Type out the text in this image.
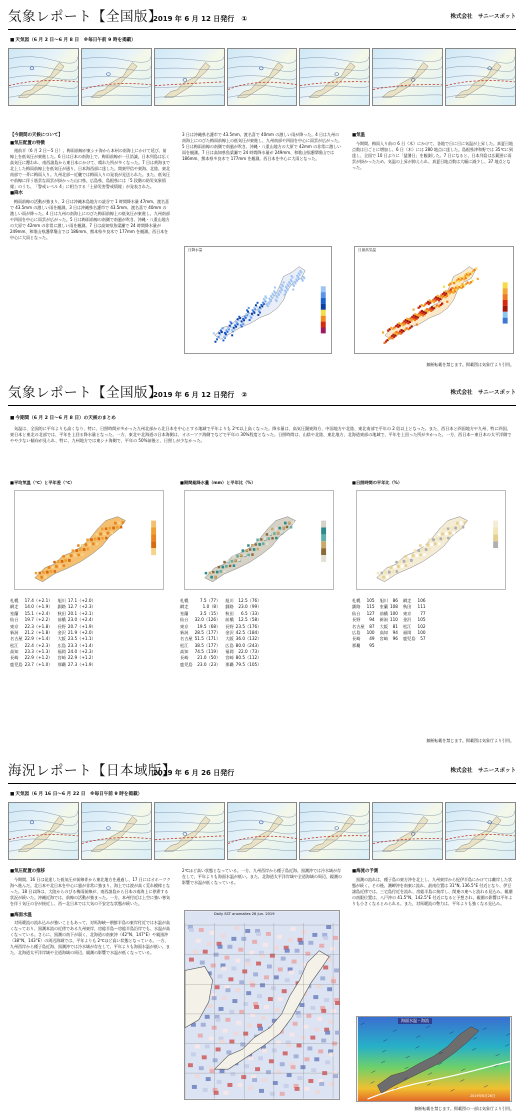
気象レポート【全国版】
2019 年 6 月 12 日発行　①	株式会社　サニースポット
■ 天気図（6 月 2 日～6 月 8 日　※毎日午前 9 時を掲載）
【今期間の天候について】
■気圧配置の特徴

週前半（6 月 2 日～5 日）、梅雨前線が東シナ海から本州の南海上にかけて延び、前線上を低気圧が東進した。6 日は日本の南海上で、梅雨前線が一旦消滅、日本列島は広く高気圧に覆われ、南西諸島から東日本にかけて、晴れた所が多くなった。7 日は黄海まで北上した梅雨前線上を低気圧が通り、日本海西部に達した。関東甲信や東海、北陸、東北南部で一斉に梅雨入り。九州北部～近畿では梅雨入りの発表が見送られた。また、低気圧や前線に伴う筋雲な雨雲が掛かった山口県、広島県、島根県には「5 段階の防災気象情報」のうち、「警戒レベル 4」に相当する「土砂災害警戒情報」が発表された。

■降水

梅雨前線の活動が強まり、2 日は沖縄本島地方の読谷で 1 時間降水量 47mm、渡名喜で 43.5mm の激しい雨を観測。3 日は沖縄県名護市で 43.5mm、渡名喜で 40mm の激しい雨が降った。4 日は九州の南海上にのびた梅雨前線上の低気圧が東進し、九州南部や四国を中心に雨雲が広がった。5 日は梅雨前線の南側で南風が吹き、沖縄・八重山地方の大原で 42mm の非常に激しい雨を観測。7 日は高知県魚梁瀬で 24 時間降水量が 249mm、和歌山県護摩壇山では 186mm、熊本県多良木で 177mm を観測。西日本を中心に大雨となった。

3 日は沖縄県名護市で 43.5mm、渡名喜で 40mm の激しい雨が降った。4 日は九州の南海上にのびた梅雨前線上の低気圧が東進し、九州南部や四国を中心に雨雲が広がった。5 日は梅雨前線の南側で南風が吹き、沖縄・八重山地方の大原で 42mm の非常に激しい雨を観測。7 日は高知県魚梁瀬で 24 時間降水量が 249mm、和歌山県護摩壇山では 186mm、熊本県多良木で 177mm を観測。西日本を中心に大雨となった。

日降水量
■気温

今期間、梅雨入り前の 6 日（木）にかけて、各地で日に日に気温が上昇した。真夏日地点数は日ごとに増加し、6 日（木）には 280 地点に達した。島根県津和野では 35℃に到達し、全国で 10 日ぶりに「猛暑日」を観測した。7 日になると、日本列島は広範囲に雨雲が掛かったため、気温の上昇が抑えられ、真夏日地点数は大幅に減少し、37 地点となった。

日最高気温
無断転載を禁じます。掲載図は気象庁より引用。
気象レポート【全国版】
2019 年 6 月 12 日発行　②	株式会社　サニースポット
■ 今期間（6 月 2 日～6 月 8 日）の天候のまとめ

気温は、全国的に平年よりも高くなり、特に、日照時間が多かった九州北部から北日本を中心とする地域で平年よりも 2℃以上高くなった。降水量は、高気圧圏東海方、中国地方や北陸、東北南部で平年の 2 倍以上となった。また、西日本と四国地方や九州、特に四国、東日本と東北の北部では、平年を上回る降水量となった。一方、東北や北海道の日本海側は、オホーツク海側でなどで平年の 30%程度となった。日照時間は、山陰や北陸、東北地方、北海道東部の地域で、平年を上回った所が多かった。一方、西日本～東日本の太平洋側でやや少ない傾向が見られ、特に、九州地方では東シナ海側で、平年の 50%前後と、日照しが少なかった。

■ 平均気温（℃）と平年差（℃）
札幌	17.4（+2.1）	旭川	17.1（+2.0）
網走	14.0（+1.9）	釧路	12.7（+2.3）
室蘭	15.1（+2.4）	秋田	20.1（+2.1）
仙台	19.7（+2.2）	前橋	23.0（+2.4）
東京	22.3（+1.8）	長野	20.7（+1.9）
新潟	21.2（+1.8）	金沢	21.9（+2.0）
名古屋	22.9（+1.4）	大阪	23.5（+1.1）
松江	22.4（+2.3）	広島	23.3（+1.4）
高知	23.3（+1.3）	福岡	24.0（+2.3）
長崎	22.9（+1.2）	宮崎	22.9（+1.2）
鹿児島	23.7（+1.0）	那覇	27.3（+1.9）
■ 期間総降水量（mm）と平年比（%）
札幌	7.5（77）	旭川	12.5（76）
網走	1.0（8）	釧路	23.0（99）
室蘭	3.5（15）	秋田	6.5（33）
仙台	32.0（126）	前橋	12.5（58）
東京	19.5（68）	長野	23.5（176）
新潟	28.5（177）	金沢	42.5（184）
名古屋	51.5（171）	大阪	36.0（132）
松江	38.5（177）	広島	80.0（243）
高知	74.5（119）	福岡	22.0（73）
長崎	21.0（50）	宮崎	80.5（112）
鹿児島	23.0（23）	那覇	79.5（105）
■ 日照時間の平年比（%）
札幌	105	旭川	86	網走	106
釧路	115	室蘭	108	秋田	111
仙台	127	前橋	100	東京	77
長野	94	新潟	110	金沢	105
名古屋	87	大阪	81	松江	102
広島	100	高知	94	福岡	100
長崎	49	宮崎	96	鹿児島	57
那覇	95				
無断転載を禁じます。掲載図は気象庁より引用。
海況レポート【日本域版】
2019 年 6 月 26 日発行	株式会社　サニースポット
■ 天気図（6 月 16 日～6 月 22 日　※毎日午前 9 時を掲載）
■気圧配置の推移

今期間、16 日は発達した低気圧が前線伴から東北地方を通過し、17 日にはオホーツク海へ進んだ。北日本や北日本を中心に風が非常に強まり、海上では波が高く荒れ模様となった。18 日以降は、大陸からのびる梅雨前線が、南西諸島から日本の南海上に停滞する状況が続いた。沖縄近海では、前線の活動が強まった。一方、本州付近は上空に強い寒気を伴う気圧の谷が接近し、西〜北日本では大気の不安定な状態が続いた。

■海面水温

対馬暖流の流れ込みが強いこともあって、対馬海峡～朝鮮半島の東岸付近では水温が高くなっており、黒潮本流の近傍である九州東岸、房総半島～房総半島沿岸でも、水温が高くなっている。さらに、黒潮の南下が弱く、北海道の南東沖（42°N、147°E）や親黒沖（38°N、143°E）の周辺海域では、平年よりも 2℃ほど高い状態となっている。一方、九州西岸から種子島近海、黒潮沖では冷水域が存在して、平年よりも海面水温が低い。また、北海道太平洋岸域や全道海域の周辺、親潮の影響で水温が低くなっている。

2℃ほど高い状態となっている。一方、九州西岸から種子島近海、黒潮沖では冷水域が存在して、平年よりも海面水温が低い。また、北海道太平洋岸域や全道海域の周辺、親潮の影響で水温が低くなっている。

Daily SST anomalies 26 Jun. 2019
■海流の予測

黒潮の流れは、種子島の東方沖を北上し、九州東岸から紀伊半島にかけては離岸した状態が続く。その後、潮岬沖を南東に流れ、最南位置は 31°N, 136.5°E 付近となり、伊豆諸島近傍では、三宅島付近を流れ、房総半島に接岸し、関東の東へと流れる見込み。親潮の南限位置は、八戸沖の 41.5°N、142.5°E 付近になると予想され、親潮の影響は平年よりも小さくなるとみられる。また、対馬暖流の勢力は、平年よりも強くなる見込み。

海面水温・海流
2019年6月26日
無断転載を禁じます。掲載図の一部は気象庁より引用。
